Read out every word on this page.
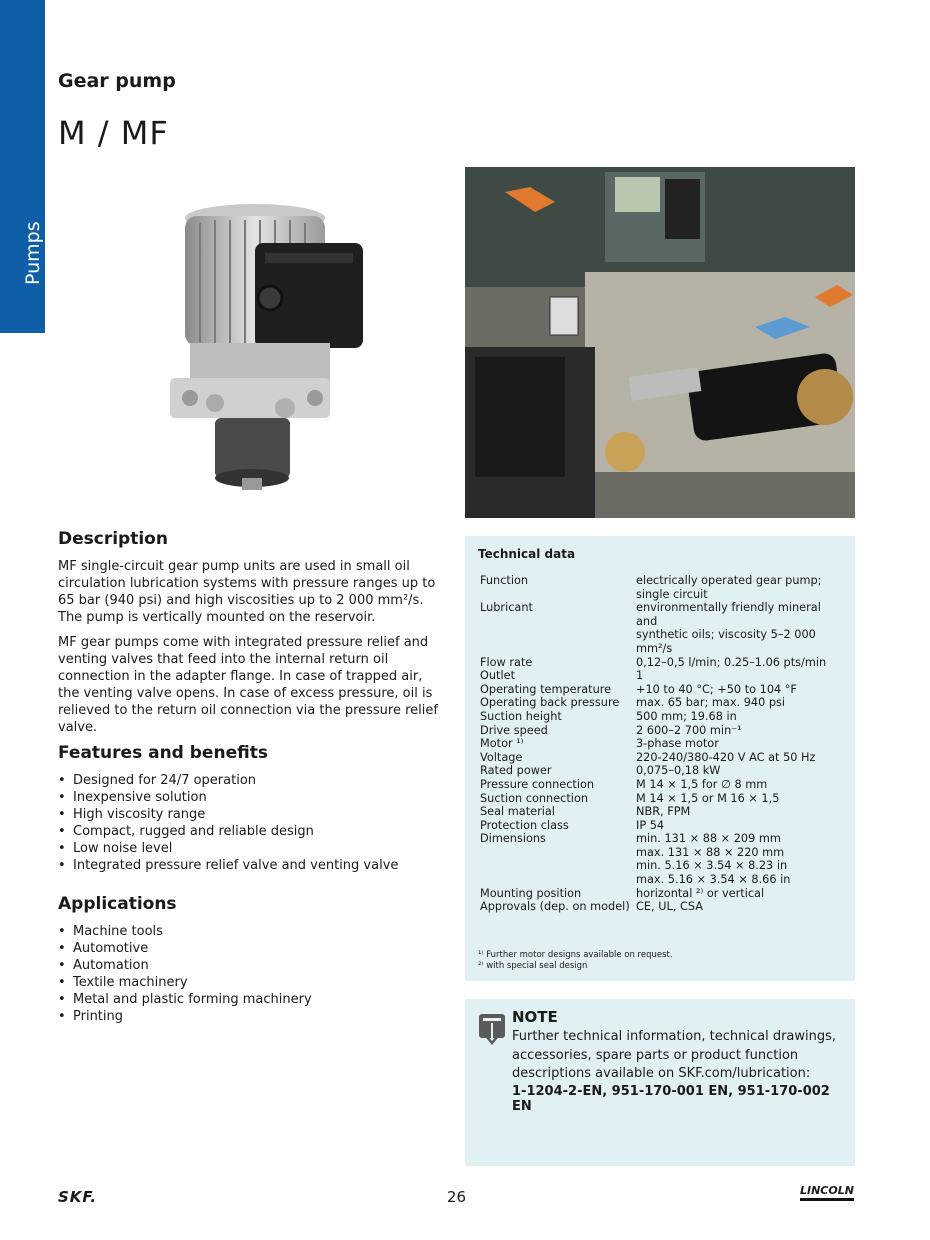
Pumps
Gear pump
M / MF
Description

MF single-circuit gear pump units are used in small oil circulation lubrication systems with pressure ranges up to 65 bar (940 psi) and high viscosities up to 2 000 mm²/s. The pump is vertically mounted on the reservoir.

MF gear pumps come with integrated pressure relief and venting valves that feed into the internal return oil connection in the adapter flange. In case of trapped air, the venting valve opens. In case of excess pressure, oil is relieved to the return oil connection via the pressure relief valve.

Features and benefits
• Designed for 24/7 operation
• Inexpensive solution
• High viscosity range
• Compact, rugged and reliable design
• Low noise level
• Integrated pressure relief valve and venting valve
Applications
• Machine tools
• Automotive
• Automation
• Textile machinery
• Metal and plastic forming machinery
• Printing
Technical data
Function	electrically operated gear pump;
single circuit
Lubricant	environmentally friendly mineral and
synthetic oils; viscosity 5–2 000 mm²/s
Flow rate	0,12–0,5 l/min; 0.25–1.06 pts/min
Outlet	1
Operating temperature	+10 to 40 °C; +50 to 104 °F
Operating back pressure	max. 65 bar; max. 940 psi
Suction height	500 mm; 19.68 in
Drive speed	2 600–2 700 min⁻¹
Motor ¹⁾	3-phase motor
Voltage	220-240/380-420 V AC at 50 Hz
Rated power	0,075–0,18 kW
Pressure connection	M 14 × 1,5 for ∅ 8 mm
Suction connection	M 14 × 1,5 or M 16 × 1,5
Seal material	NBR, FPM
Protection class	IP 54
Dimensions	min. 131 × 88 × 209 mm
max. 131 × 88 × 220 mm
min. 5.16 × 3.54 × 8.23 in
max. 5.16 × 3.54 × 8.66 in
Mounting position	horizontal ²⁾ or vertical
Approvals (dep. on model) CE, UL, CSA
¹⁾ Further motor designs available on request.
²⁾ with special seal design
NOTE
Further technical information, technical drawings, accessories, spare parts or product function descriptions available on SKF.com/lubrication:
1-1204-2-EN, 951-170-001 EN, 951-170-002 EN
SKF.	26	LINCOLN
